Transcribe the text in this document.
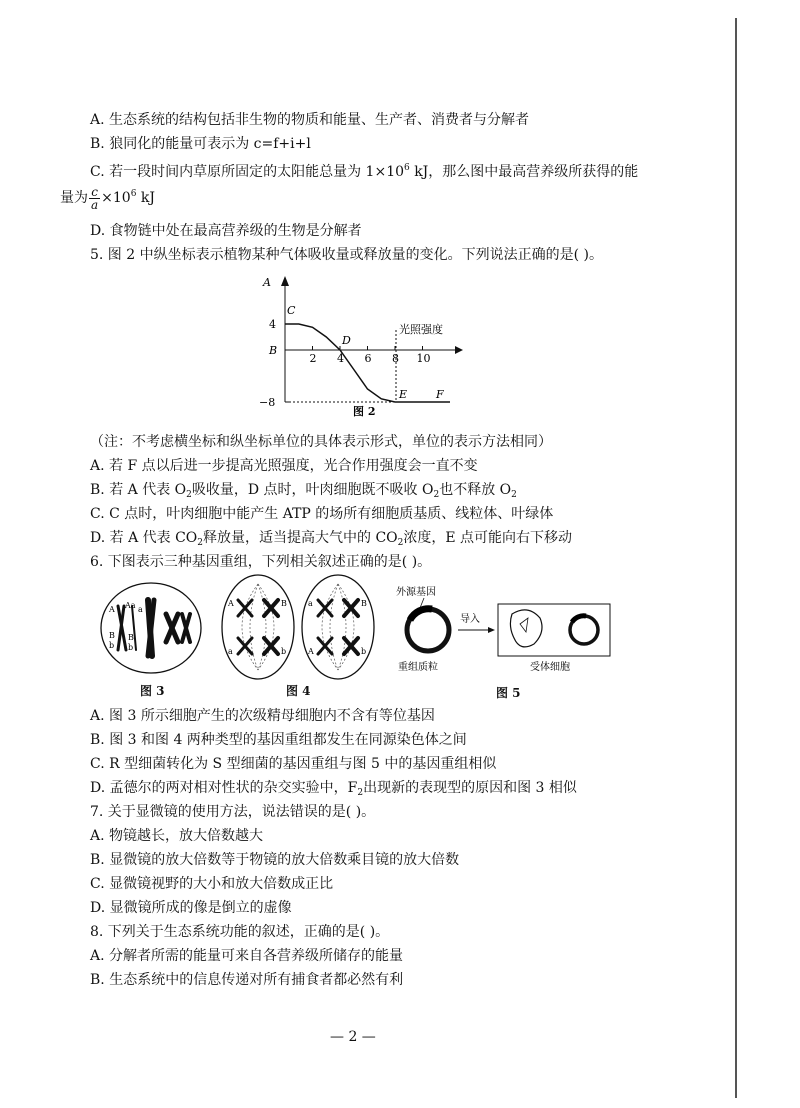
A. 生态系统的结构包括非生物的物质和能量、生产者、消费者与分解者
B. 狼同化的能量可表示为 c=f+i+l
C. 若一段时间内草原所固定的太阳能总量为 $1\times 10^6$ kJ，那么图中最高营养级所获得的能
量为 $\frac{c}{a} \times 10^6$ kJ
D. 食物链中处在最高营养级的生物是分解者
5. 图 2 中纵坐标表示植物某种气体吸收量或释放量的变化。下列说法正确的是( )。
2 4 6 8 10
4
B
−8
A
光照强度
图 2
C
D
E	F
（注：不考虑横坐标和纵坐标单位的具体表示形式，单位的表示方法相同）
A. 若 F 点以后进一步提高光照强度，光合作用强度会一直不变
B. 若 A 代表 $O_2$吸收量，D 点时，叶肉细胞既不吸收 $O_2$也不释放 $O_2$
C. C 点时，叶肉细胞中能产生 ATP 的场所有细胞质基质、线粒体、叶绿体
D. 若 A 代表 $CO_2$释放量，适当提高大气中的 $CO_2$浓度，E 点可能向右下移动
6. 下图表示三种基因重组，下列相关叙述正确的是( )。
A Aa a
B
b
B
b
图 3
A	B
a	b
a	B
A	b
图 4
外源基因
重组质粒
导入
受体细胞
图 5
A. 图 3 所示细胞产生的次级精母细胞内不含有等位基因
B. 图 3 和图 4 两种类型的基因重组都发生在同源染色体之间
C. R 型细菌转化为 S 型细菌的基因重组与图 5 中的基因重组相似
D. 孟德尔的两对相对性状的杂交实验中，$F_2$出现新的表现型的原因和图 3 相似
7. 关于显微镜的使用方法，说法错误的是( )。
A. 物镜越长，放大倍数越大
B. 显微镜的放大倍数等于物镜的放大倍数乘目镜的放大倍数
C. 显微镜视野的大小和放大倍数成正比
D. 显微镜所成的像是倒立的虚像
8. 下列关于生态系统功能的叙述，正确的是( )。
A. 分解者所需的能量可来自各营养级所储存的能量
B. 生态系统中的信息传递对所有捕食者都必然有利
— 2 —
